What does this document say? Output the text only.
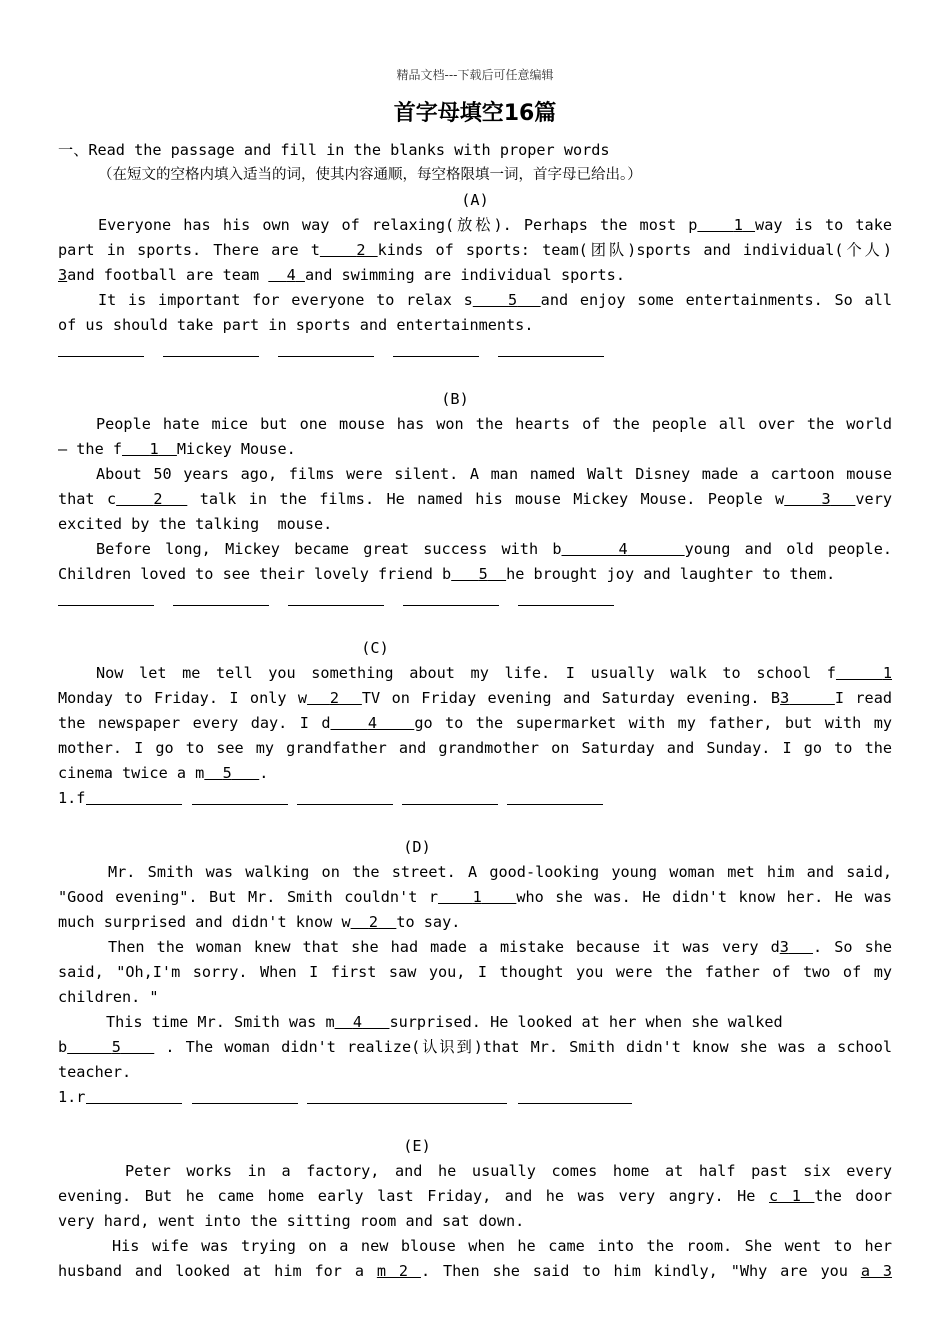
精品文档---下载后可任意编辑
首字母填空16篇
一、Read the passage and fill in the blanks with proper words
（在短文的空格内填入适当的词，使其内容通顺，每空格限填一词，首字母已给出。）
(A)
Everyone has his own way of relaxing(放松). Perhaps the most p 1 way is to take
part in sports. There are t 2 kinds of sports: team(团队)sports and individual(个人)
3and football are team   4 and swimming are individual sports.
It is important for everyone to relax s 5 and enjoy some entertainments. So all
of us should take part in sports and entertainments.
(B)
People hate mice but one mouse has won the hearts of the people all over the world
— the f 1 Mickey Mouse.
About 50 years ago, films were silent. A man named Walt Disney made a cartoon mouse
that c 2   talk in the films. He named his mouse Mickey Mouse. People w 3 very
excited by the talking  mouse.
Before long, Mickey became great success with b	4	young and old people.
Children loved to see their lovely friend b 5 he brought joy and laughter to them.
(C)
Now let me tell you something about my life. I usually walk to school f	1
Monday to Friday. I only w 2 TV on Friday evening and Saturday evening. B3	I read
the newspaper every day. I d 4 go to the supermarket with my father, but with my
mother. I go to see my grandfather and grandmother on Saturday and Sunday. I go to the
cinema twice a m 5 .
1.f
(D)
Mr. Smith was walking on the street. A good-looking young woman met him and said,
"Good evening". But Mr. Smith couldn't r 1 who she was. He didn't know her. He was
much surprised and didn't know w 2 to say.
Then the woman knew that she had made a mistake because it was very d3 . So she
said, "Oh,I'm sorry. When I first saw you, I thought you were the father of two of my
children. "
This time Mr. Smith was m 4 surprised. He looked at her when she walked
b	5    . The woman didn't realize(认识到)that Mr. Smith didn't know she was a school
teacher.
1.r
(E)
Peter works in a factory, and he usually comes home at half past six every
evening. But he came home early last Friday, and he was very angry. He c 1 the door
very hard, went into the sitting room and sat down.
His wife was trying on a new blouse when he came into the room. She went to her
husband and looked at him for a m 2 . Then she said to him kindly, "Why are you a 3
